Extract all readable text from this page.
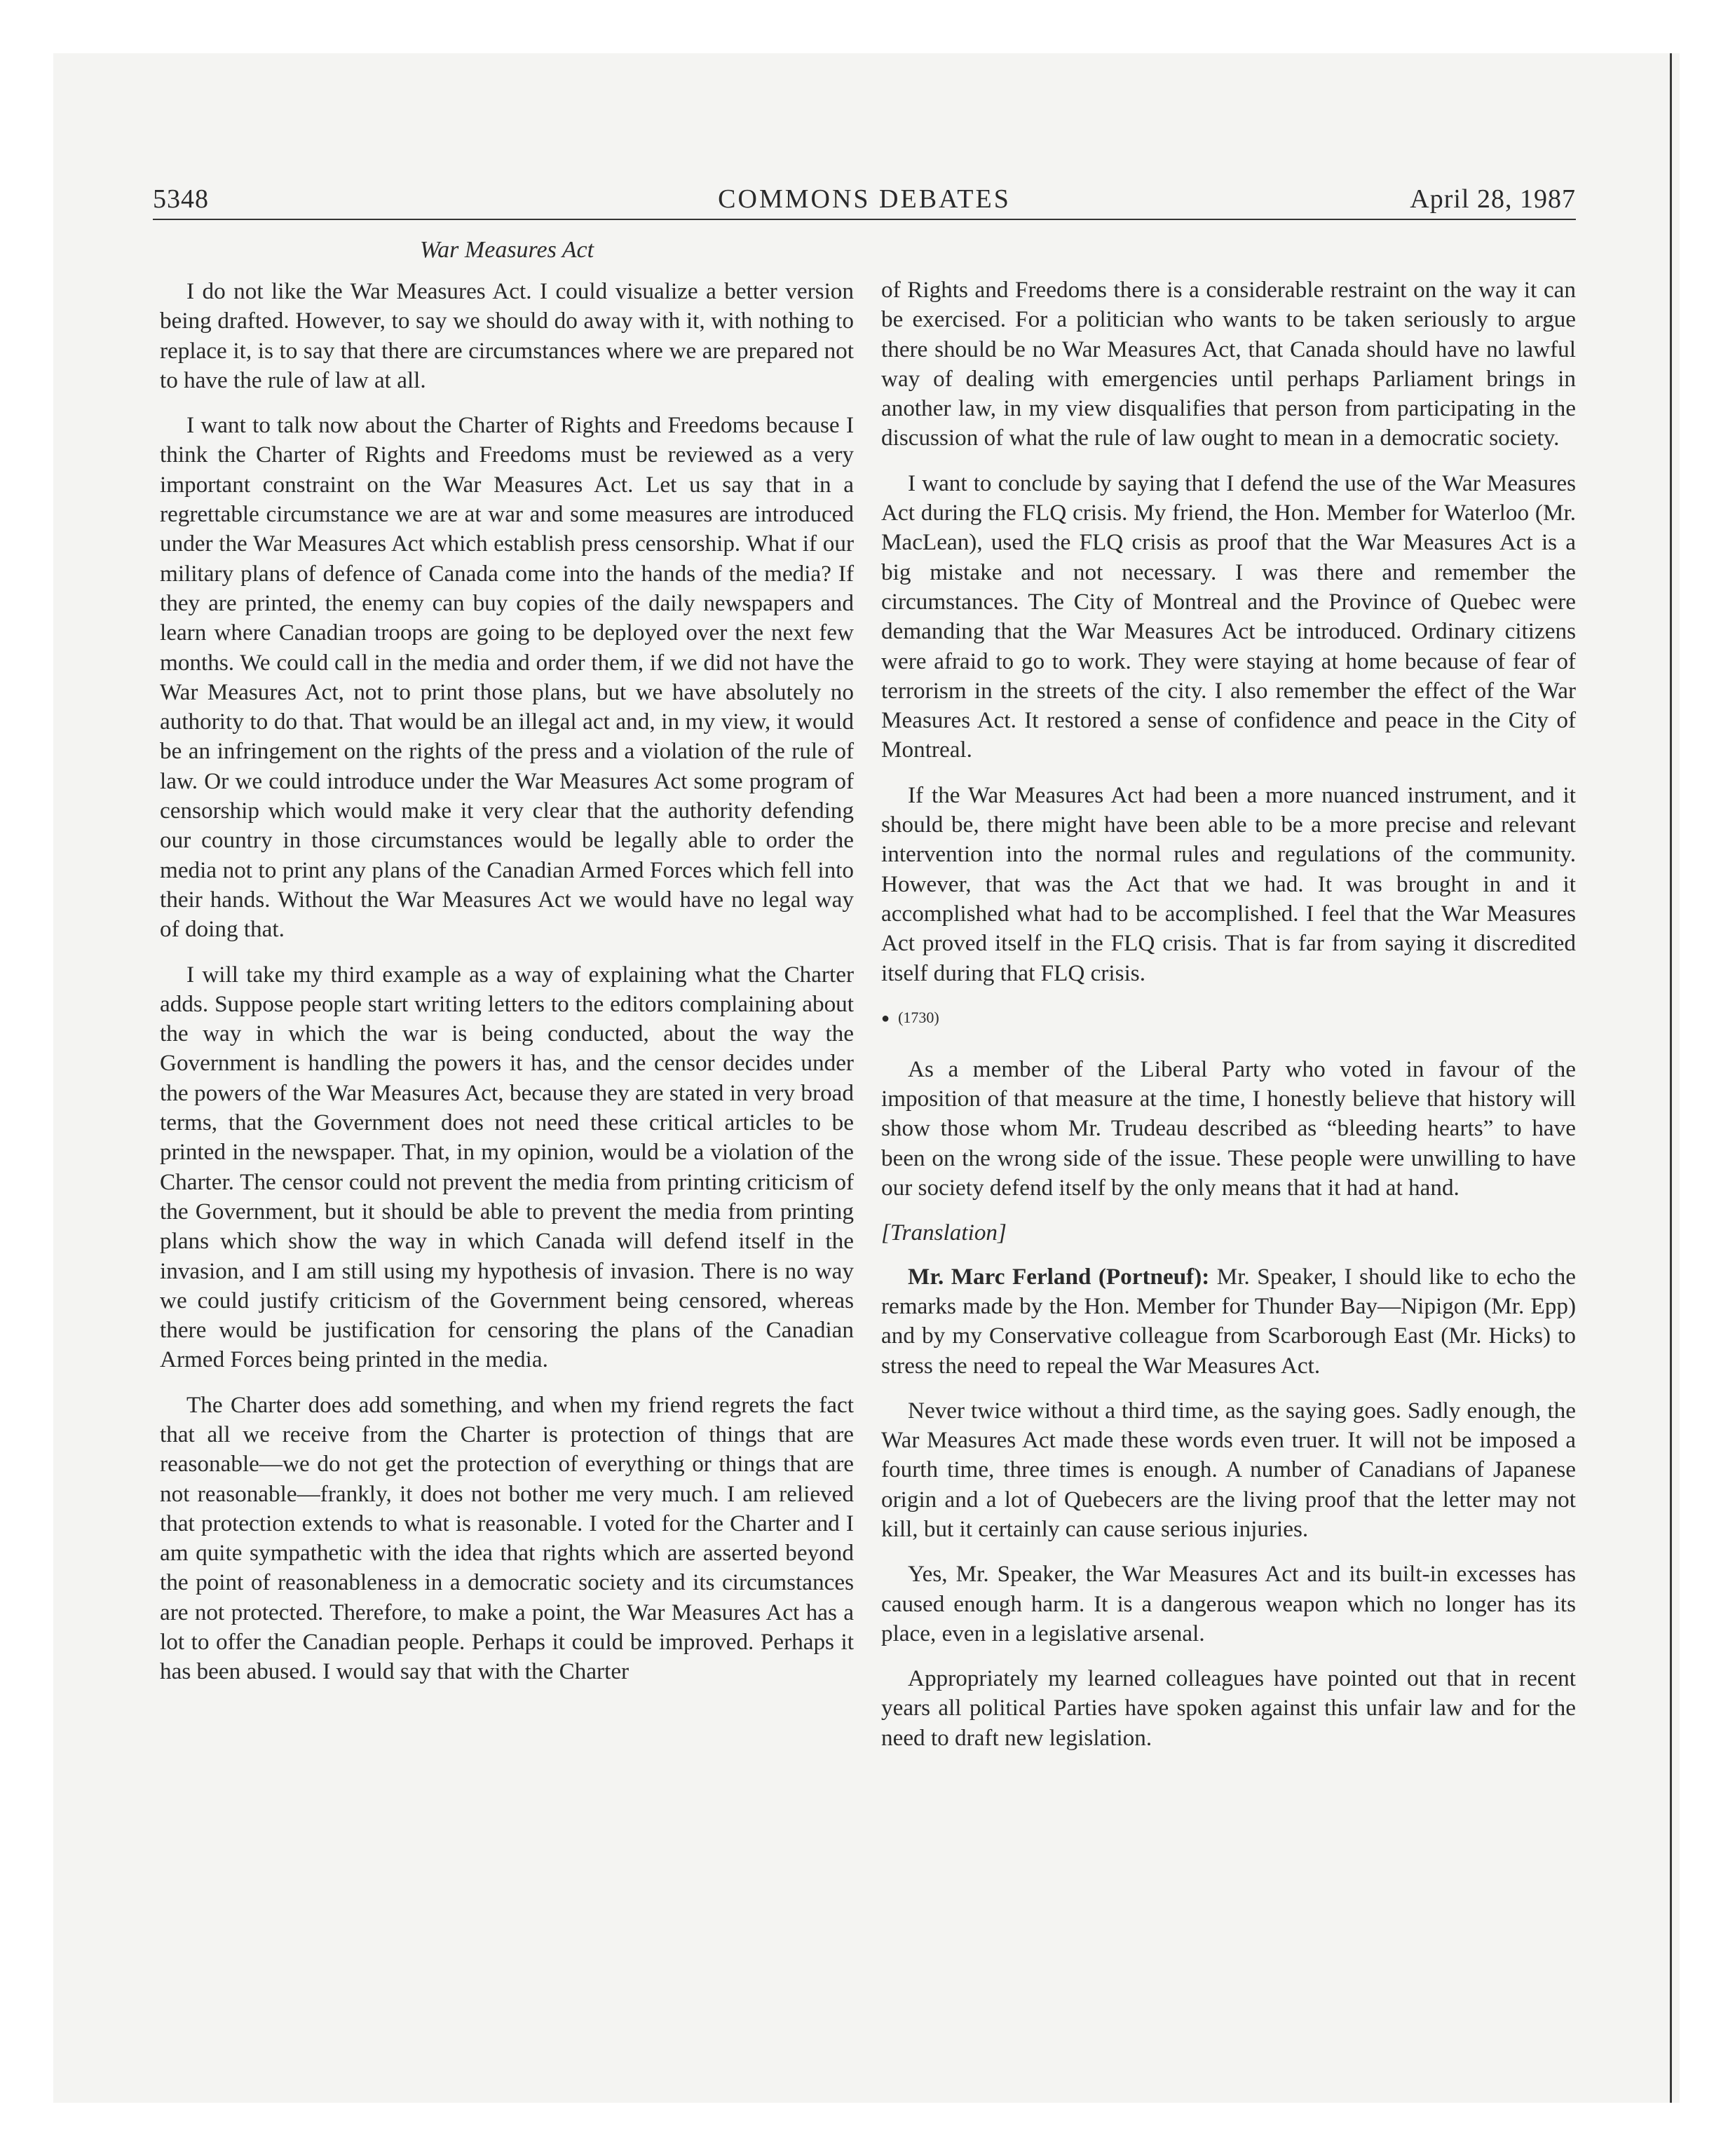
5348	COMMONS DEBATES	April 28, 1987
War Measures Act

I do not like the War Measures Act. I could visualize a better version being drafted. However, to say we should do away with it, with nothing to replace it, is to say that there are circumstances where we are prepared not to have the rule of law at all.

I want to talk now about the Charter of Rights and Freedoms because I think the Charter of Rights and Freedoms must be reviewed as a very important constraint on the War Measures Act. Let us say that in a regrettable circumstance we are at war and some measures are introduced under the War Measures Act which establish press censorship. What if our military plans of defence of Canada come into the hands of the media? If they are printed, the enemy can buy copies of the daily newspapers and learn where Canadian troops are going to be deployed over the next few months. We could call in the media and order them, if we did not have the War Measures Act, not to print those plans, but we have absolutely no authority to do that. That would be an illegal act and, in my view, it would be an infringement on the rights of the press and a violation of the rule of law. Or we could introduce under the War Measures Act some program of censorship which would make it very clear that the authority defending our country in those circumstances would be legally able to order the media not to print any plans of the Canadian Armed Forces which fell into their hands. Without the War Measures Act we would have no legal way of doing that.

I will take my third example as a way of explaining what the Charter adds. Suppose people start writing letters to the editors complaining about the way in which the war is being conducted, about the way the Government is handling the powers it has, and the censor decides under the powers of the War Measures Act, because they are stated in very broad terms, that the Government does not need these critical articles to be printed in the newspaper. That, in my opinion, would be a violation of the Charter. The censor could not prevent the media from printing criticism of the Government, but it should be able to prevent the media from printing plans which show the way in which Canada will defend itself in the invasion, and I am still using my hypothesis of invasion. There is no way we could justify criticism of the Government being censored, whereas there would be justification for censoring the plans of the Canadian Armed Forces being printed in the media.

The Charter does add something, and when my friend regrets the fact that all we receive from the Charter is protection of things that are reasonable—we do not get the protection of everything or things that are not reasonable—frankly, it does not bother me very much. I am relieved that protection extends to what is reasonable. I voted for the Charter and I am quite sympathetic with the idea that rights which are asserted beyond the point of reasonableness in a democratic society and its circumstances are not protected. Therefore, to make a point, the War Measures Act has a lot to offer the Canadian people. Perhaps it could be improved. Perhaps it has been abused. I would say that with the Charter

of Rights and Freedoms there is a considerable restraint on the way it can be exercised. For a politician who wants to be taken seriously to argue there should be no War Measures Act, that Canada should have no lawful way of dealing with emergencies until perhaps Parliament brings in another law, in my view disqualifies that person from participating in the discussion of what the rule of law ought to mean in a democratic society.

I want to conclude by saying that I defend the use of the War Measures Act during the FLQ crisis. My friend, the Hon. Member for Waterloo (Mr. MacLean), used the FLQ crisis as proof that the War Measures Act is a big mistake and not necessary. I was there and remember the circumstances. The City of Montreal and the Province of Quebec were demanding that the War Measures Act be introduced. Ordinary citizens were afraid to go to work. They were staying at home because of fear of terrorism in the streets of the city. I also remember the effect of the War Measures Act. It restored a sense of confidence and peace in the City of Montreal.

If the War Measures Act had been a more nuanced instrument, and it should be, there might have been able to be a more precise and relevant intervention into the normal rules and regulations of the community. However, that was the Act that we had. It was brought in and it accomplished what had to be accomplished. I feel that the War Measures Act proved itself in the FLQ crisis. That is far from saying it discredited itself during that FLQ crisis.

● (1730)

As a member of the Liberal Party who voted in favour of the imposition of that measure at the time, I honestly believe that history will show those whom Mr. Trudeau described as “bleeding hearts” to have been on the wrong side of the issue. These people were unwilling to have our society defend itself by the only means that it had at hand.

[Translation]

Mr. Marc Ferland (Portneuf): Mr. Speaker, I should like to echo the remarks made by the Hon. Member for Thunder Bay—Nipigon (Mr. Epp) and by my Conservative colleague from Scarborough East (Mr. Hicks) to stress the need to repeal the War Measures Act.

Never twice without a third time, as the saying goes. Sadly enough, the War Measures Act made these words even truer. It will not be imposed a fourth time, three times is enough. A number of Canadians of Japanese origin and a lot of Quebecers are the living proof that the letter may not kill, but it certainly can cause serious injuries.

Yes, Mr. Speaker, the War Measures Act and its built-in excesses has caused enough harm. It is a dangerous weapon which no longer has its place, even in a legislative arsenal.

Appropriately my learned colleagues have pointed out that in recent years all political Parties have spoken against this unfair law and for the need to draft new legislation.
